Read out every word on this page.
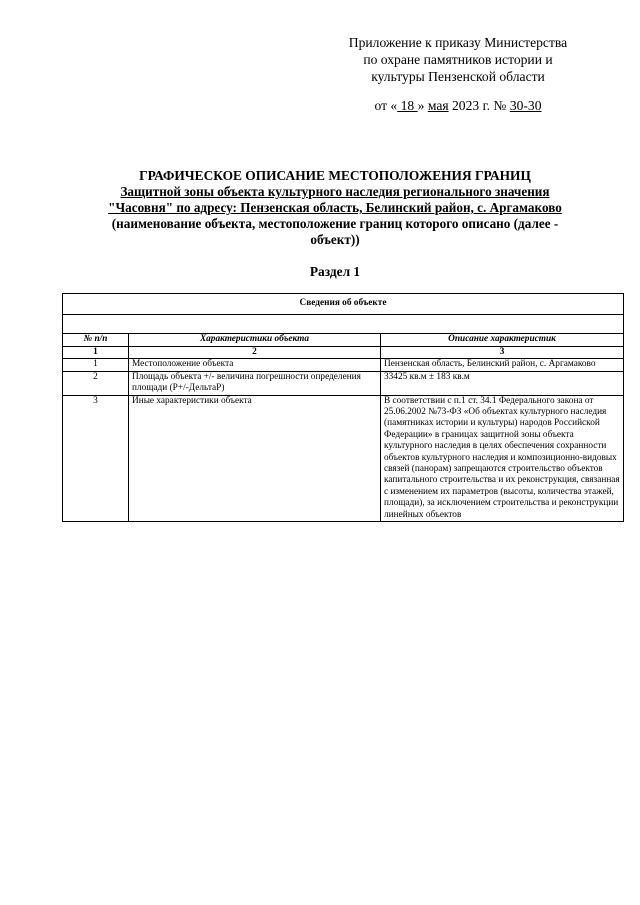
Приложение к приказу Министерства
по охране памятников истории и
культуры Пензенской области
от « 18 » мая 2023 г. № 30-30
ГРАФИЧЕСКОЕ ОПИСАНИЕ МЕСТОПОЛОЖЕНИЯ ГРАНИЦ
Защитной зоны объекта культурного наследия регионального значения
"Часовня" по адресу: Пензенская область, Белинский район, с. Аргамаково
(наименование объекта, местоположение границ которого описано (далее -
объект))
Раздел 1
Сведения об объекте		

№ п/п	Характеристики объекта	Описание характеристик
1	2	3
1	Местоположение объекта	Пензенская область, Белинский район, с. Аргамаково
2	Площадь объекта +/- величина погрешности определения площади (P+/-ДельтаP)	33425 кв.м ± 183 кв.м
3	Иные характеристики объекта	В соответствии с п.1 ст. 34.1 Федерального закона от 25.06.2002 №73-ФЗ «Об объектах культурного наследия (памятниках истории и культуры) народов Российской Федерации» в границах защитной зоны объекта культурного наследия в целях обеспечения сохранности объектов культурного наследия и композиционно-видовых связей (панорам) запрещаются строительство объектов капитального строительства и их реконструкция, связанная с изменением их параметров (высоты, количества этажей, площади), за исключением строительства и реконструкции линейных объектов
